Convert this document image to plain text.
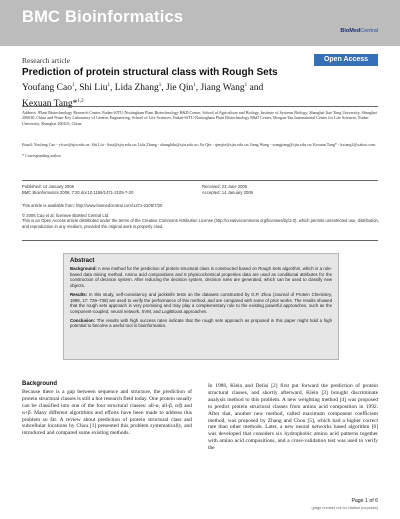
BMC Bioinformatics
BioMedCentral
Research article	Open Access
Prediction of protein structural class with Rough Sets
Youfang Cao$^1$, Shi Liu$^1$, Lida Zhang$^1$, Jie Qin$^1$, Jiang Wang$^1$ and
Kexuan Tang*$^{1,2}$
Address: ¹Plant Biotechnology Research Center, Fudan-SJTU-Nottingham Plant Biotechnology R&D Center, School of Agriculture and Biology, Institute of Systems Biology, Shanghai Jiao Tong University, Shanghai 200030, China and ²State Key Laboratory of Genetic Engineering, School of Life Sciences, Fudan-SJTU-Nottingham Plant Biotechnology R&D Center, Morgan-Tan International Center for Life Sciences, Fudan University, Shanghai 200433, China
Email: Youfang Cao - yfcao@sjtu.edu.cn; Shi Liu - liusi@sjtu.edu.cn; Lida Zhang - zhanglida@sjtu.edu.cn; Jie Qin - qinyjie@sjtu.edu.cn; Jiang Wang - wangjiang@sjtu.edu.cn; Kexuan Tang* - kxtang1@yahoo.com
* Corresponding author
Published: 14 January 2006
BMC Bioinformatics 2006, 7:20 doi:10.1186/1471-2105-7-20
Received: 23 June 2005
Accepted: 14 January 2006
This article is available from: http://www.biomedcentral.com/1471-2105/7/20
© 2006 Cao et al; licensee BioMed Central Ltd.
This is an Open Access article distributed under the terms of the Creative Commons Attribution License (http://creativecommons.org/licenses/by/2.0), which permits unrestricted use, distribution, and reproduction in any medium, provided the original work is properly cited.
Abstract

Background: A new method for the prediction of protein structural class is constructed based on Rough Sets algorithm, which is a rule-based data mining method. Amino acid compositions and 8 physicochemical properties data are used as conditional attributes for the construction of decision system. After reducing the decision system, decision rules are generated, which can be used to classify new objects.

Results: In this study, self-consistency and jackknife tests on the datasets constructed by G.P. Zhou (Journal of Protein Chemistry, 1998, 17: 729–738) are used to verify the performance of this method, and are compared with some of prior works. The results showed that the rough sets approach is very promising and may play a complementary role to the existing powerful approaches, such as the component-coupled, neural network, SVM, and LogitBoost approaches.

Conclusion: The results with high success rates indicate that the rough sets approach as proposed in this paper might hold a high potential to become a useful tool in bioinformatics.

Background
Because there is a gap between sequence and structure, the prediction of protein structural classes is still a hot research field today. One protein usually can be classified into one of the four structural classes: all-α, all-β, α/β and α+β. Many different algorithms and efforts have been made to address this problem so far. A review about prediction of protein structural class and subcellular locations by Chou [1] presented this problem systematically, and introduced and compared some existing methods.
In 1986, Klein and Delisi [2] first put forward the prediction of protein structural classes, and shortly afterward, Klein [3] brought discriminate analysis method to this problem. A new weighting method [4] was proposed to predict protein structural classes from amino acid composition in 1992. After that, another new method, called maximum component coefficient method, was proposed by Zhang and Chou [5], which had a higher correct rate than other methods. Later, a new neural networks based algorithm [6] was developed that considers six hydrophobic amino acid patterns together with amino acid compositions, and a cross-validation test was used to verify the
Page 1 of 6
(page number not for citation purposes)
